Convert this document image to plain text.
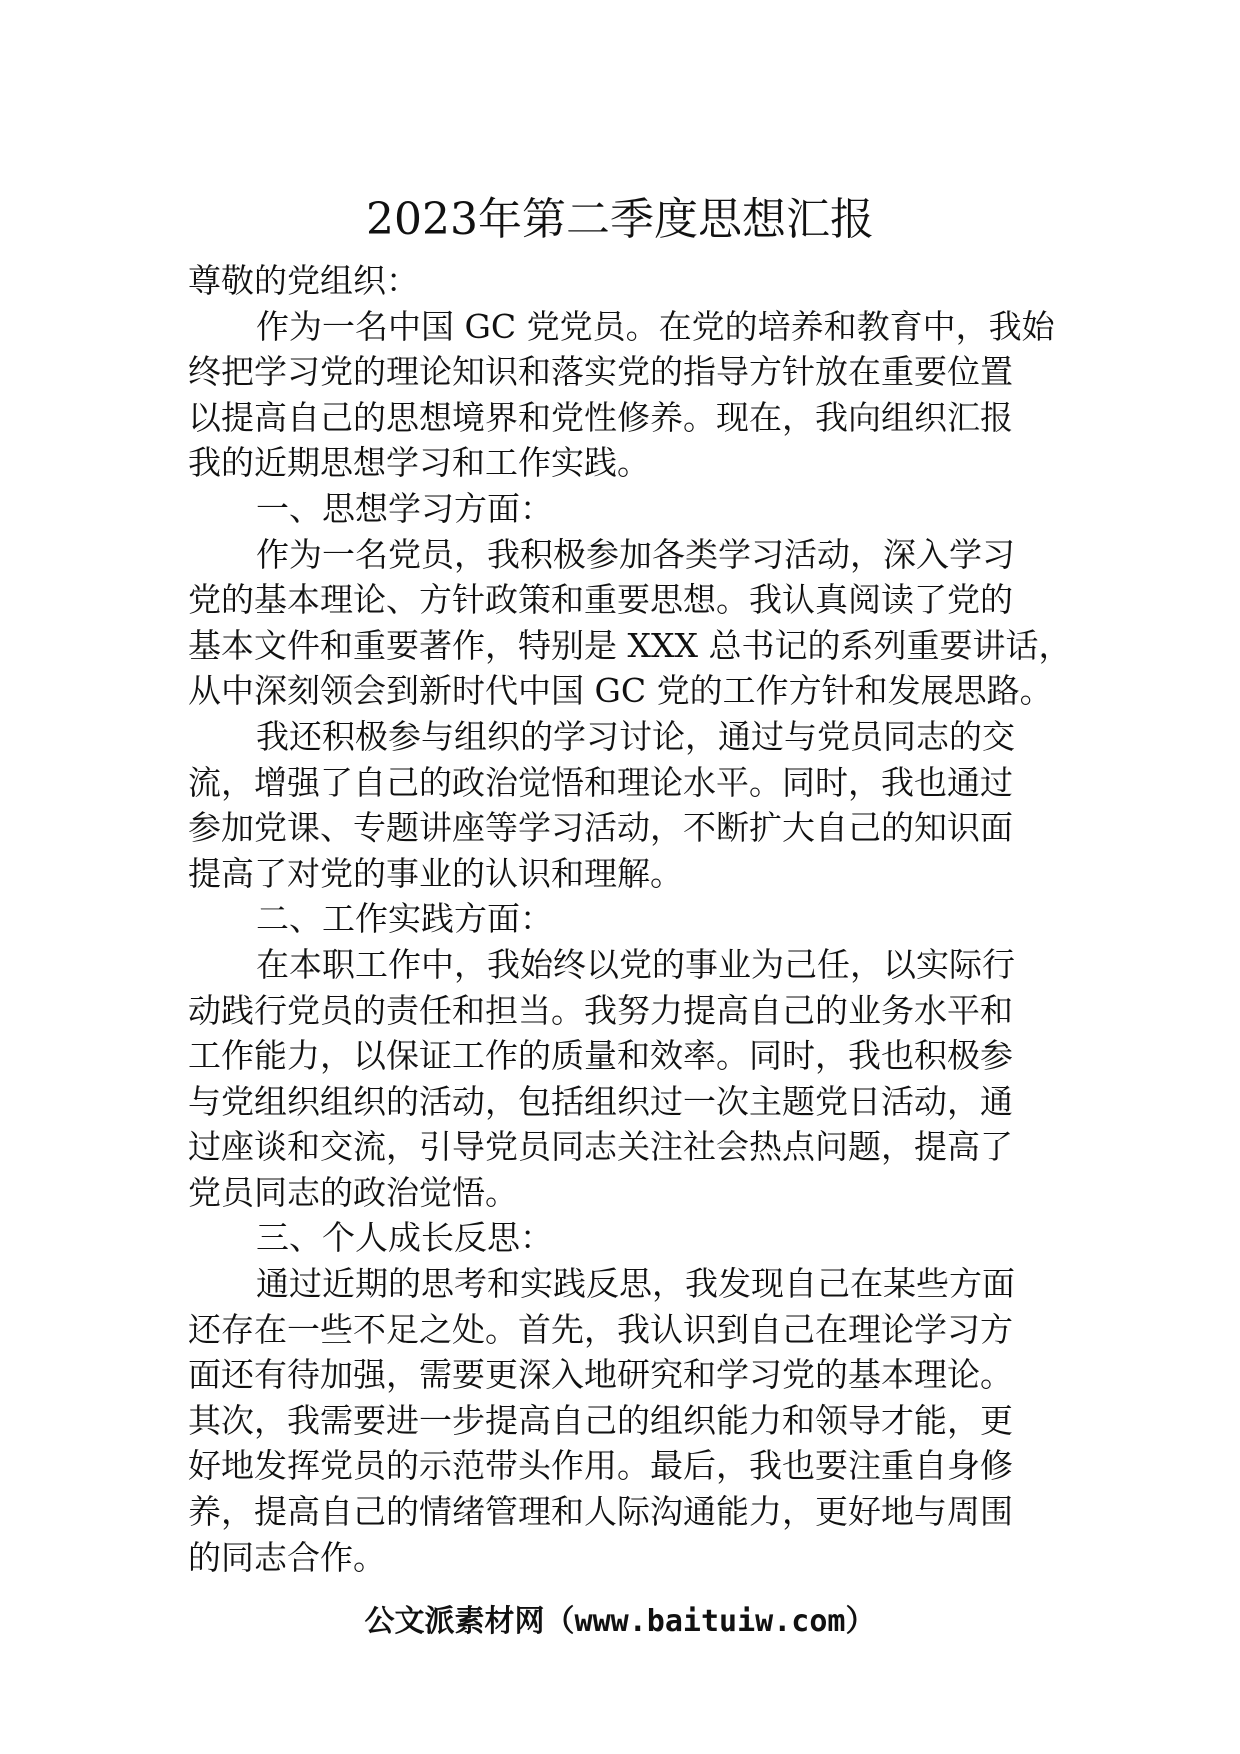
2023年第二季度思想汇报
尊敬的党组织：
作为一名中国 GC 党党员。在党的培养和教育中，我始
终把学习党的理论知识和落实党的指导方针放在重要位置
以提高自己的思想境界和党性修养。现在，我向组织汇报
我的近期思想学习和工作实践。
一、思想学习方面：
作为一名党员，我积极参加各类学习活动，深入学习
党的基本理论、方针政策和重要思想。我认真阅读了党的
基本文件和重要著作，特别是 XXX 总书记的系列重要讲话，
从中深刻领会到新时代中国 GC 党的工作方针和发展思路。
我还积极参与组织的学习讨论，通过与党员同志的交
流，增强了自己的政治觉悟和理论水平。同时，我也通过
参加党课、专题讲座等学习活动，不断扩大自己的知识面
提高了对党的事业的认识和理解。
二、工作实践方面：
在本职工作中，我始终以党的事业为己任，以实际行
动践行党员的责任和担当。我努力提高自己的业务水平和
工作能力，以保证工作的质量和效率。同时，我也积极参
与党组织组织的活动，包括组织过一次主题党日活动，通
过座谈和交流，引导党员同志关注社会热点问题，提高了
党员同志的政治觉悟。
三、个人成长反思：
通过近期的思考和实践反思，我发现自己在某些方面
还存在一些不足之处。首先，我认识到自己在理论学习方
面还有待加强，需要更深入地研究和学习党的基本理论。
其次，我需要进一步提高自己的组织能力和领导才能，更
好地发挥党员的示范带头作用。最后，我也要注重自身修
养，提高自己的情绪管理和人际沟通能力，更好地与周围
的同志合作。
公文派素材网（www.baituiw.com）
